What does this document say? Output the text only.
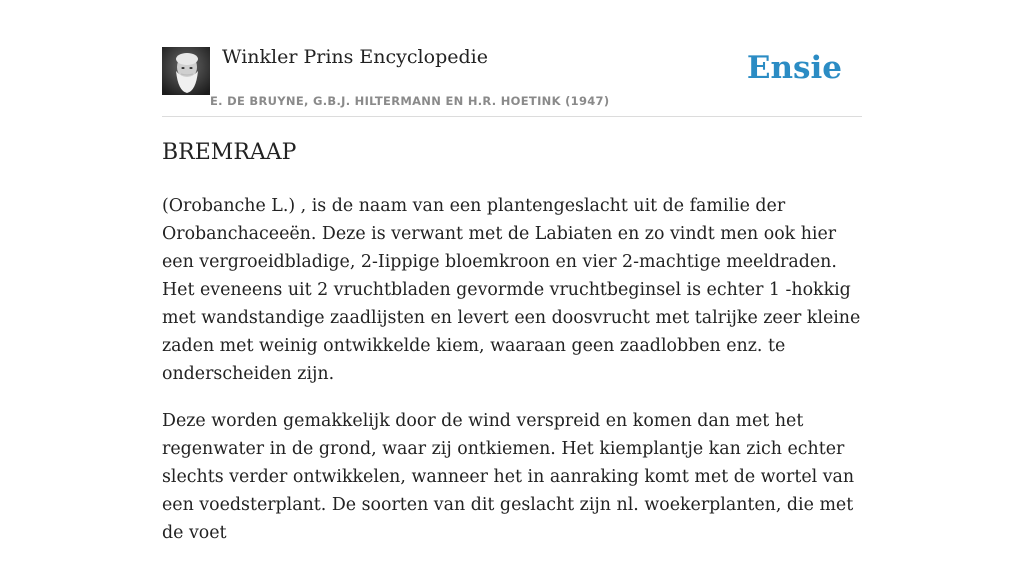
Winkler Prins Encyclopedie
E. DE BRUYNE, G.B.J. HILTERMANN EN H.R. HOETINK (1947)
Ensie
BREMRAAP

(Orobanche L.) , is de naam van een plantengeslacht uit de familie der Orobanchaceeën. Deze is verwant met de Labiaten en zo vindt men ook hier een vergroeidbladige, 2-Iippige bloemkroon en vier 2-machtige meeldraden. Het eveneens uit 2 vruchtbladen gevormde vruchtbeginsel is echter 1 -hokkig met wandstandige zaadlijsten en levert een doosvrucht met talrijke zeer kleine zaden met weinig ontwikkelde kiem, waaraan geen zaadlobben enz. te onderscheiden zijn.

Deze worden gemakkelijk door de wind verspreid en komen dan met het regenwater in de grond, waar zij ontkiemen. Het kiemplantje kan zich echter slechts verder ontwikkelen, wanneer het in aanraking komt met de wortel van een voedsterplant. De soorten van dit geslacht zijn nl. woekerplanten, die met de voet
